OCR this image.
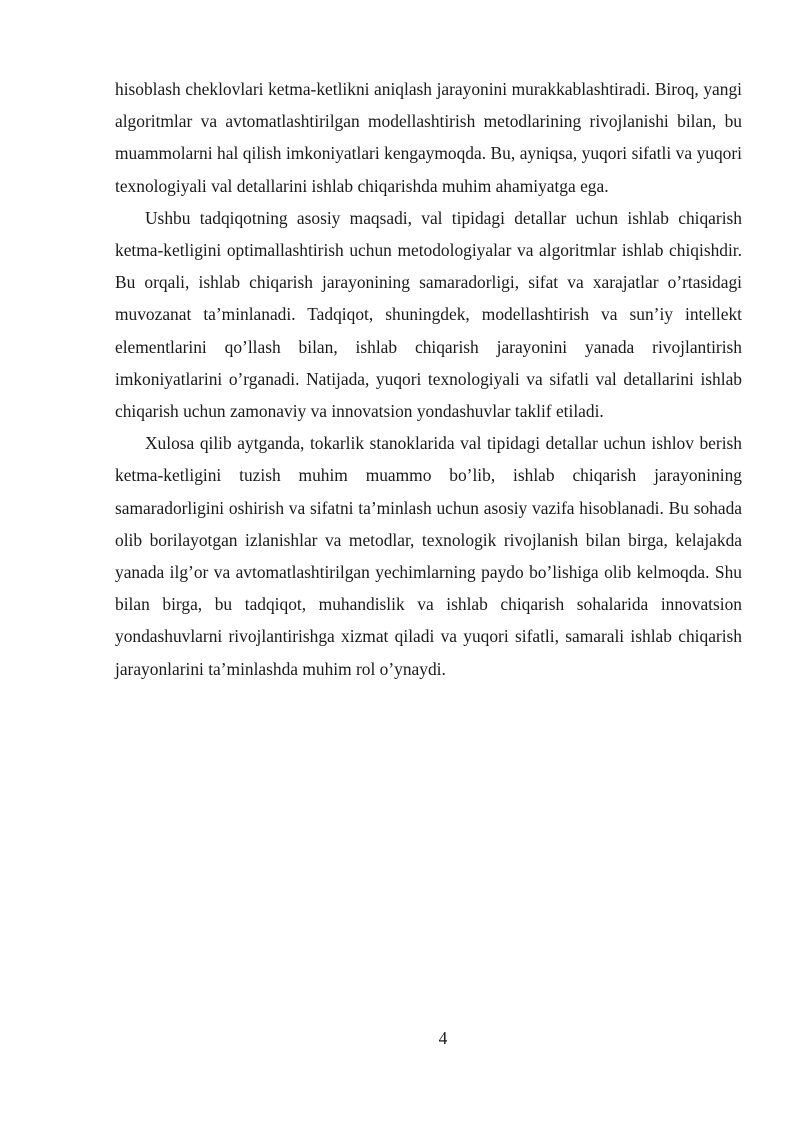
hisoblash cheklovlari ketma-ketlikni aniqlash jarayonini murakkablashtiradi. Biroq, yangi algoritmlar va avtomatlashtirilgan modellashtirish metodlarining rivojlanishi bilan, bu muammolarni hal qilish imkoniyatlari kengaymoqda. Bu, ayniqsa, yuqori sifatli va yuqori texnologiyali val detallarini ishlab chiqarishda muhim ahamiyatga ega.

Ushbu tadqiqotning asosiy maqsadi, val tipidagi detallar uchun ishlab chiqarish ketma-ketligini optimallashtirish uchun metodologiyalar va algoritmlar ishlab chiqishdir. Bu orqali, ishlab chiqarish jarayonining samaradorligi, sifat va xarajatlar o’rtasidagi muvozanat ta’minlanadi. Tadqiqot, shuningdek, modellashtirish va sun’iy intellekt elementlarini qo’llash bilan, ishlab chiqarish jarayonini yanada rivojlantirish imkoniyatlarini o’rganadi. Natijada, yuqori texnologiyali va sifatli val detallarini ishlab chiqarish uchun zamonaviy va innovatsion yondashuvlar taklif etiladi.

Xulosa qilib aytganda, tokarlik stanoklarida val tipidagi detallar uchun ishlov berish ketma-ketligini tuzish muhim muammo bo’lib, ishlab chiqarish jarayonining samaradorligini oshirish va sifatni ta’minlash uchun asosiy vazifa hisoblanadi. Bu sohada olib borilayotgan izlanishlar va metodlar, texnologik rivojlanish bilan birga, kelajakda yanada ilg’or va avtomatlashtirilgan yechimlarning paydo bo’lishiga olib kelmoqda. Shu bilan birga, bu tadqiqot, muhandislik va ishlab chiqarish sohalarida innovatsion yondashuvlarni rivojlantirishga xizmat qiladi va yuqori sifatli, samarali ishlab chiqarish jarayonlarini ta’minlashda muhim rol o’ynaydi.

4
